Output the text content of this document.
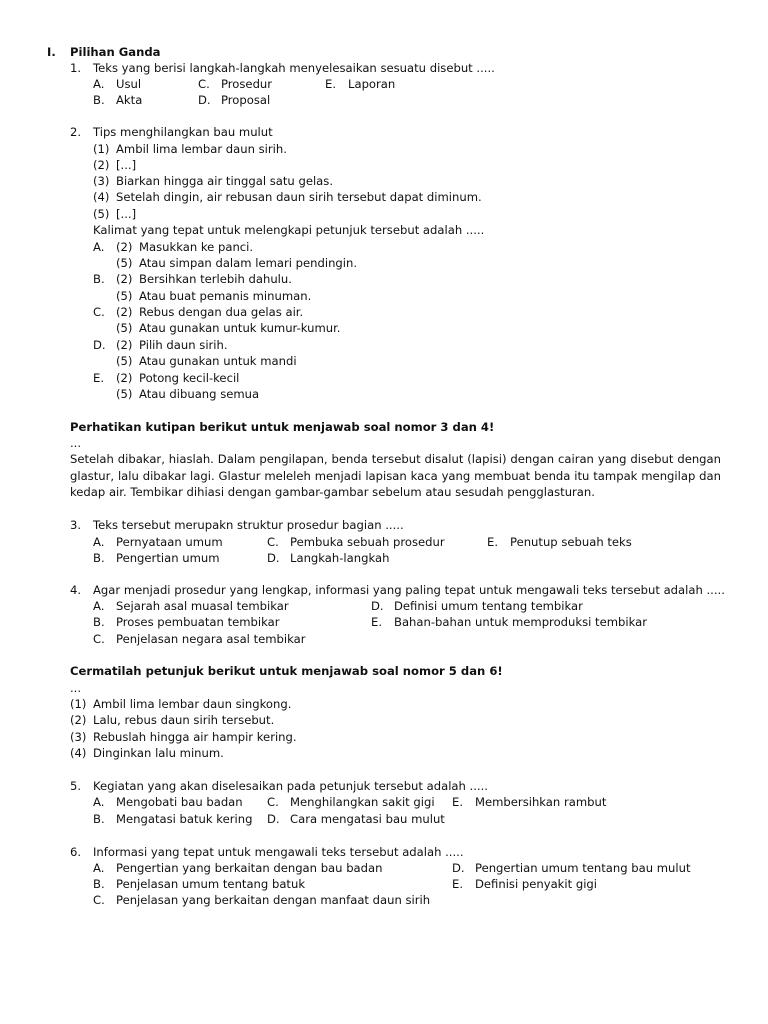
I. Pilihan Ganda
1. Teks yang berisi langkah-langkah menyelesaikan sesuatu disebut .....
A. Usul
B. Akta
C. Prosedur
D. Proposal
E. Laporan
2. Tips menghilangkan bau mulut
(1) Ambil lima lembar daun sirih.
(2) [...]
(3) Biarkan hingga air tinggal satu gelas.
(4) Setelah dingin, air rebusan daun sirih tersebut dapat diminum.
(5) [...]
Kalimat yang tepat untuk melengkapi petunjuk tersebut adalah .....
A. (2) Masukkan ke panci.
(5) Atau simpan dalam lemari pendingin.
B. (2) Bersihkan terlebih dahulu.
(5) Atau buat pemanis minuman.
C. (2) Rebus dengan dua gelas air.
(5) Atau gunakan untuk kumur-kumur.
D. (2) Pilih daun sirih.
(5) Atau gunakan untuk mandi
E. (2) Potong kecil-kecil
(5) Atau dibuang semua
Perhatikan kutipan berikut untuk menjawab soal nomor 3 dan 4!
...
Setelah dibakar, hiaslah. Dalam pengilapan, benda tersebut disalut (lapisi) dengan cairan yang disebut dengan glastur, lalu dibakar lagi. Glastur meleleh menjadi lapisan kaca yang membuat benda itu tampak mengilap dan kedap air. Tembikar dihiasi dengan gambar-gambar sebelum atau sesudah pengglasturan.
3. Teks tersebut merupakn struktur prosedur bagian .....
A. Pernyataan umum
B. Pengertian umum
C. Pembuka sebuah prosedur
D. Langkah-langkah
E. Penutup sebuah teks
4. Agar menjadi prosedur yang lengkap, informasi yang paling tepat untuk mengawali teks tersebut adalah .....
A. Sejarah asal muasal tembikar
B. Proses pembuatan tembikar
C. Penjelasan negara asal tembikar
D. Definisi umum tentang tembikar
E. Bahan-bahan untuk memproduksi tembikar
Cermatilah petunjuk berikut untuk menjawab soal nomor 5 dan 6!
...
(1) Ambil lima lembar daun singkong.
(2) Lalu, rebus daun sirih tersebut.
(3) Rebuslah hingga air hampir kering.
(4) Dinginkan lalu minum.
5. Kegiatan yang akan diselesaikan pada petunjuk tersebut adalah .....
A. Mengobati bau badan
B. Mengatasi batuk kering
C. Menghilangkan sakit gigi
D. Cara mengatasi bau mulut
E. Membersihkan rambut
6. Informasi yang tepat untuk mengawali teks tersebut adalah .....
A. Pengertian yang berkaitan dengan bau badan
B. Penjelasan umum tentang batuk
C. Penjelasan yang berkaitan dengan manfaat daun sirih
D. Pengertian umum tentang bau mulut
E. Definisi penyakit gigi
